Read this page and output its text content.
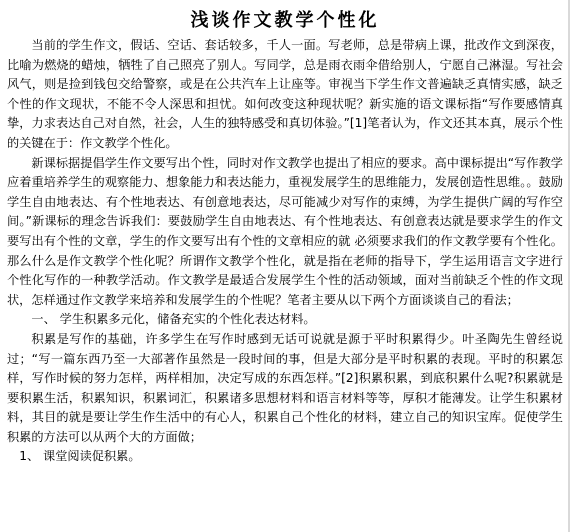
浅谈作文教学个性化

当前的学生作文，假话、空话、套话较多，千人一面。写老师，总是带病上课，批改作文到深夜，比喻为燃烧的蜡烛，牺牲了自己照亮了别人。写同学，总是雨衣雨伞借给别人，宁愿自己淋湿。写社会风气，则是捡到钱包交给警察，或是在公共汽车上让座等。审视当下学生作文普遍缺乏真情实感，缺乏个性的作文现状，不能不令人深思和担忧。如何改变这种现状呢？新实施的语文课标指“写作要感情真挚，力求表达自己对自然，社会，人生的独特感受和真切体验。”[1]笔者认为，作文还其本真，展示个性的关键在于：作文教学个性化。

新课标据提倡学生作文要写出个性，同时对作文教学也提出了相应的要求。高中课标提出“写作教学应着重培养学生的观察能力、想象能力和表达能力，重视发展学生的思维能力，发展创造性思维。。鼓励学生自由地表达、有个性地表达、有创意地表达，尽可能减少对写作的束缚，为学生提供广阔的写作空间。”新课标的理念告诉我们：要鼓励学生自由地表达、有个性地表达、有创意表达就是要求学生的作文要写出有个性的文章，学生的作文要写出有个性的文章相应的就 必须要求我们的作文教学要有个性化。那么什么是作文教学个性化呢？所谓作文教学个性化，就是指在老师的指导下，学生运用语言文字进行个性化写作的一种教学活动。作文教学是最适合发展学生个性的活动领域，面对当前缺乏个性的作文现状，怎样通过作文教学来培养和发展学生的个性呢？笔者主要从以下两个方面谈谈自己的看法；

一、 学生积累多元化，储备充实的个性化表达材料。

积累是写作的基础，许多学生在写作时感到无话可说就是源于平时积累得少。叶圣陶先生曾经说过；“写一篇东西乃至一大部著作虽然是一段时间的事，但是大部分是平时积累的表现。平时的积累怎样，写作时候的努力怎样，两样相加，决定写成的东西怎样。”[2]积累积累，到底积累什么呢?积累就是要积累生活，积累知识，积累词汇，积累诸多思想材料和语言材料等等，厚积才能薄发。让学生积累材料，其目的就是要让学生作生活中的有心人，积累自己个性化的材料，建立自己的知识宝库。促使学生积累的方法可以从两个大的方面做；

1、 课堂阅读促积累。
